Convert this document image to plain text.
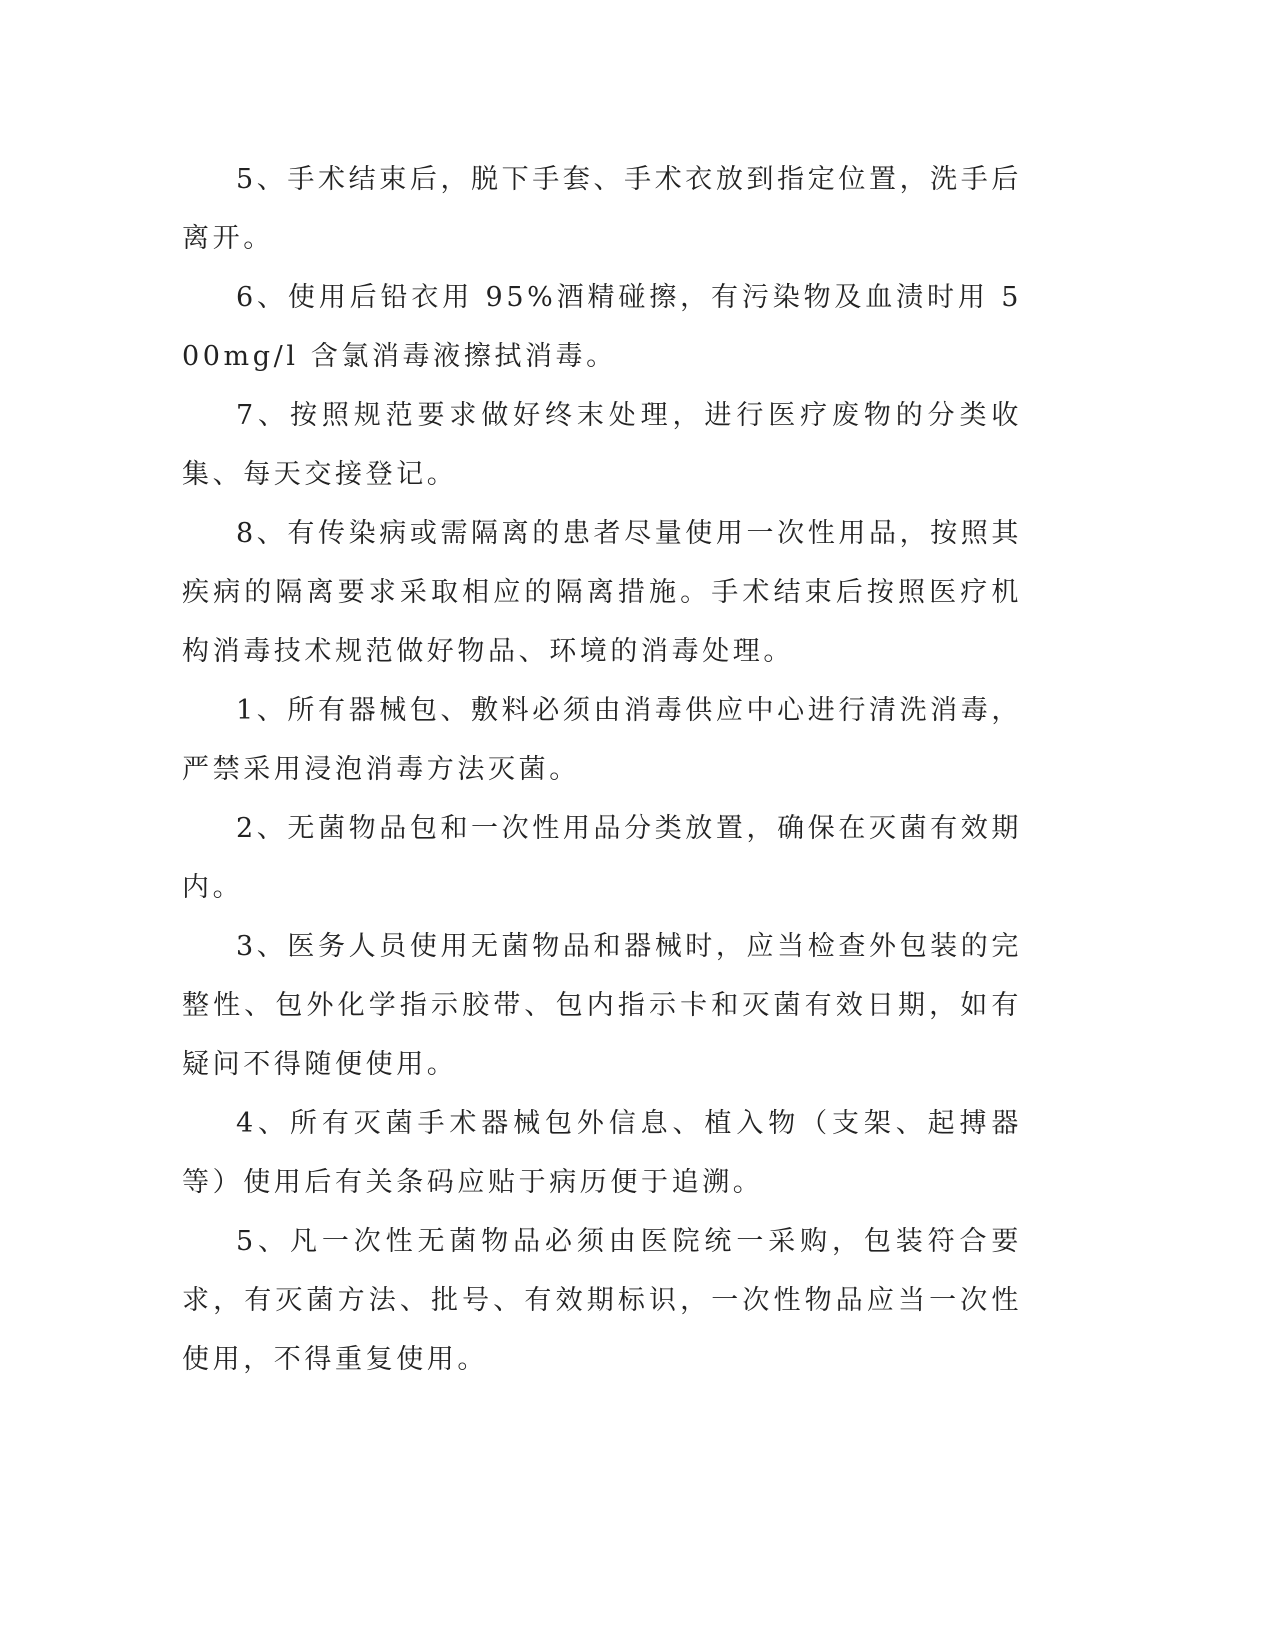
5、手术结束后，脱下手套、手术衣放到指定位置，洗手后离开。

6、使用后铅衣用 95%酒精碰擦，有污染物及血渍时用 500mg/l 含氯消毒液擦拭消毒。

7、按照规范要求做好终末处理，进行医疗废物的分类收集、每天交接登记。

8、有传染病或需隔离的患者尽量使用一次性用品，按照其疾病的隔离要求采取相应的隔离措施。手术结束后按照医疗机构消毒技术规范做好物品、环境的消毒处理。

1、所有器械包、敷料必须由消毒供应中心进行清洗消毒，严禁采用浸泡消毒方法灭菌。

2、无菌物品包和一次性用品分类放置，确保在灭菌有效期内。

3、医务人员使用无菌物品和器械时，应当检查外包装的完整性、包外化学指示胶带、包内指示卡和灭菌有效日期，如有疑问不得随便使用。

4、所有灭菌手术器械包外信息、植入物（支架、起搏器等）使用后有关条码应贴于病历便于追溯。

5、凡一次性无菌物品必须由医院统一采购，包装符合要求，有灭菌方法、批号、有效期标识，一次性物品应当一次性使用，不得重复使用。
